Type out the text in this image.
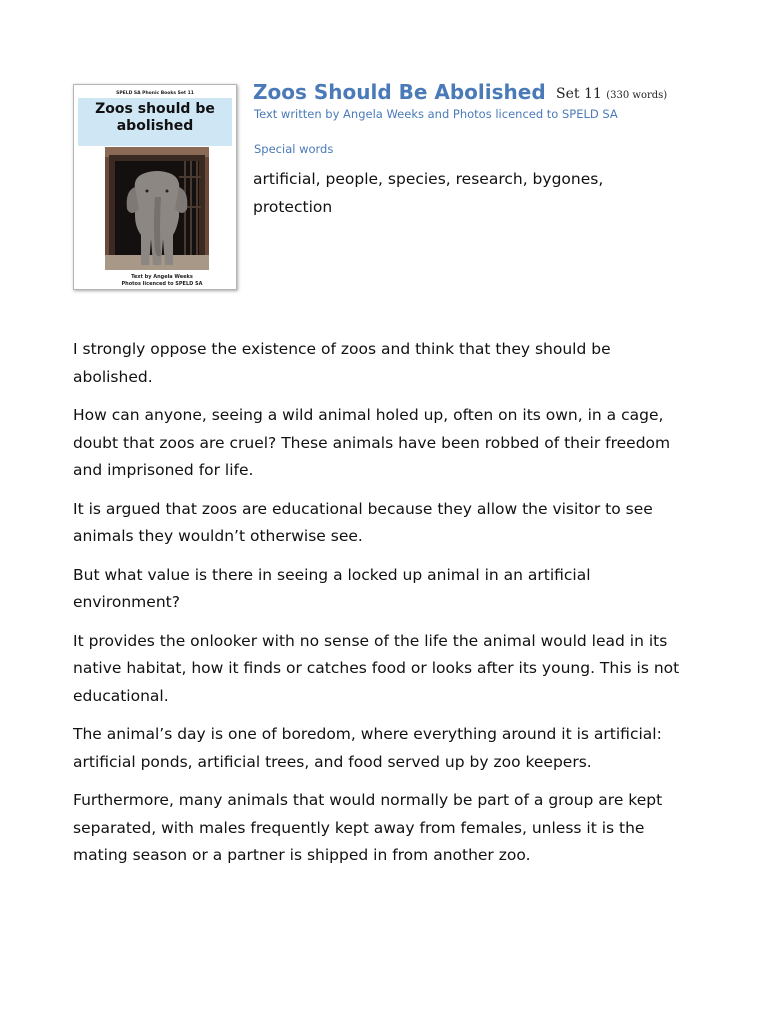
SPELD SA Phonic Books Set 11
Zoos should be abolished
Text by Angela Weeks
Photos licenced to SPELD SA
Zoos Should Be Abolished Set 11 (330 words)
Text written by Angela Weeks and Photos licenced to SPELD SA
Special words
artificial, people, species, research, bygones, protection

I strongly oppose the existence of zoos and think that they should be abolished.

How can anyone, seeing a wild animal holed up, often on its own, in a cage, doubt that zoos are cruel? These animals have been robbed of their freedom and imprisoned for life.

It is argued that zoos are educational because they allow the visitor to see animals they wouldn’t otherwise see.

But what value is there in seeing a locked up animal in an artificial environment?

It provides the onlooker with no sense of the life the animal would lead in its native habitat, how it finds or catches food or looks after its young. This is not educational.

The animal’s day is one of boredom, where everything around it is artificial: artificial ponds, artificial trees, and food served up by zoo keepers.

Furthermore, many animals that would normally be part of a group are kept separated, with males frequently kept away from females, unless it is the mating season or a partner is shipped in from another zoo.
